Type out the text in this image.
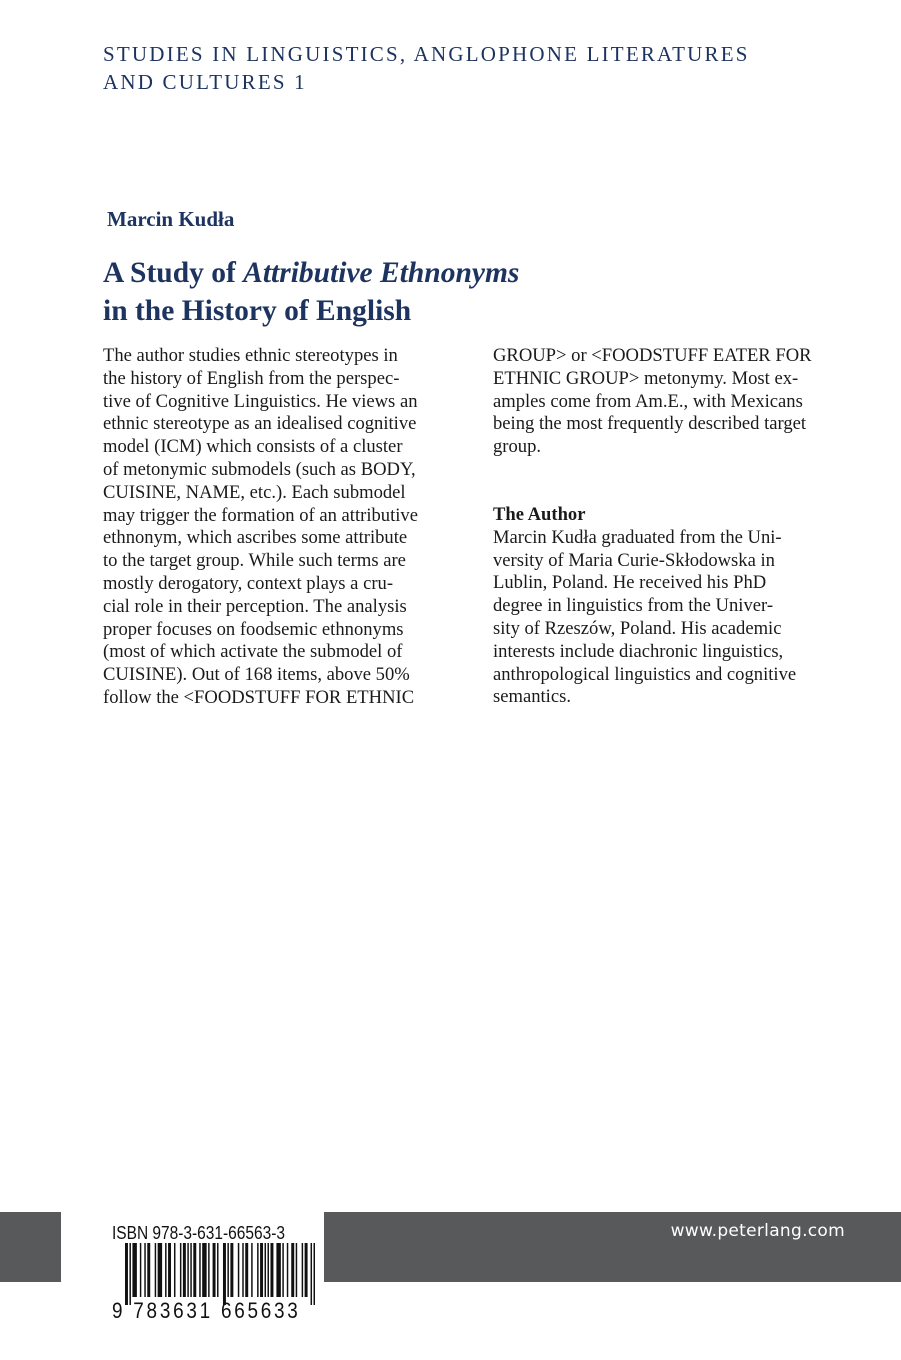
STUDIES IN LINGUISTICS, ANGLOPHONE LITERATURES
AND CULTURES 1
Marcin Kudła
A Study of Attributive Ethnonyms
in the History of English
The author studies ethnic stereotypes in
the history of English from the perspec-
tive of Cognitive Linguistics. He views an
ethnic stereotype as an idealised cognitive
model (ICM) which consists of a cluster
of metonymic submodels (such as BODY,
CUISINE, NAME, etc.). Each submodel
may trigger the formation of an attributive
ethnonym, which ascribes some attribute
to the target group. While such terms are
mostly derogatory, context plays a cru-
cial role in their perception. The analysis
proper focuses on foodsemic ethnonyms
(most of which activate the submodel of
CUISINE). Out of 168 items, above 50%
follow the <FOODSTUFF FOR ETHNIC
GROUP> or <FOODSTUFF EATER FOR
ETHNIC GROUP> metonymy. Most ex-
amples come from Am.E., with Mexicans
being the most frequently described target
group.
The Author
Marcin Kudła graduated from the Uni-
versity of Maria Curie-Skłodowska in
Lublin, Poland. He received his PhD
degree in linguistics from the Univer-
sity of Rzeszów, Poland. His academic
interests include diachronic linguistics,
anthropological linguistics and cognitive
semantics.
www.peterlang.com
ISBN 978-3-631-66563-3
9 783631 665633
